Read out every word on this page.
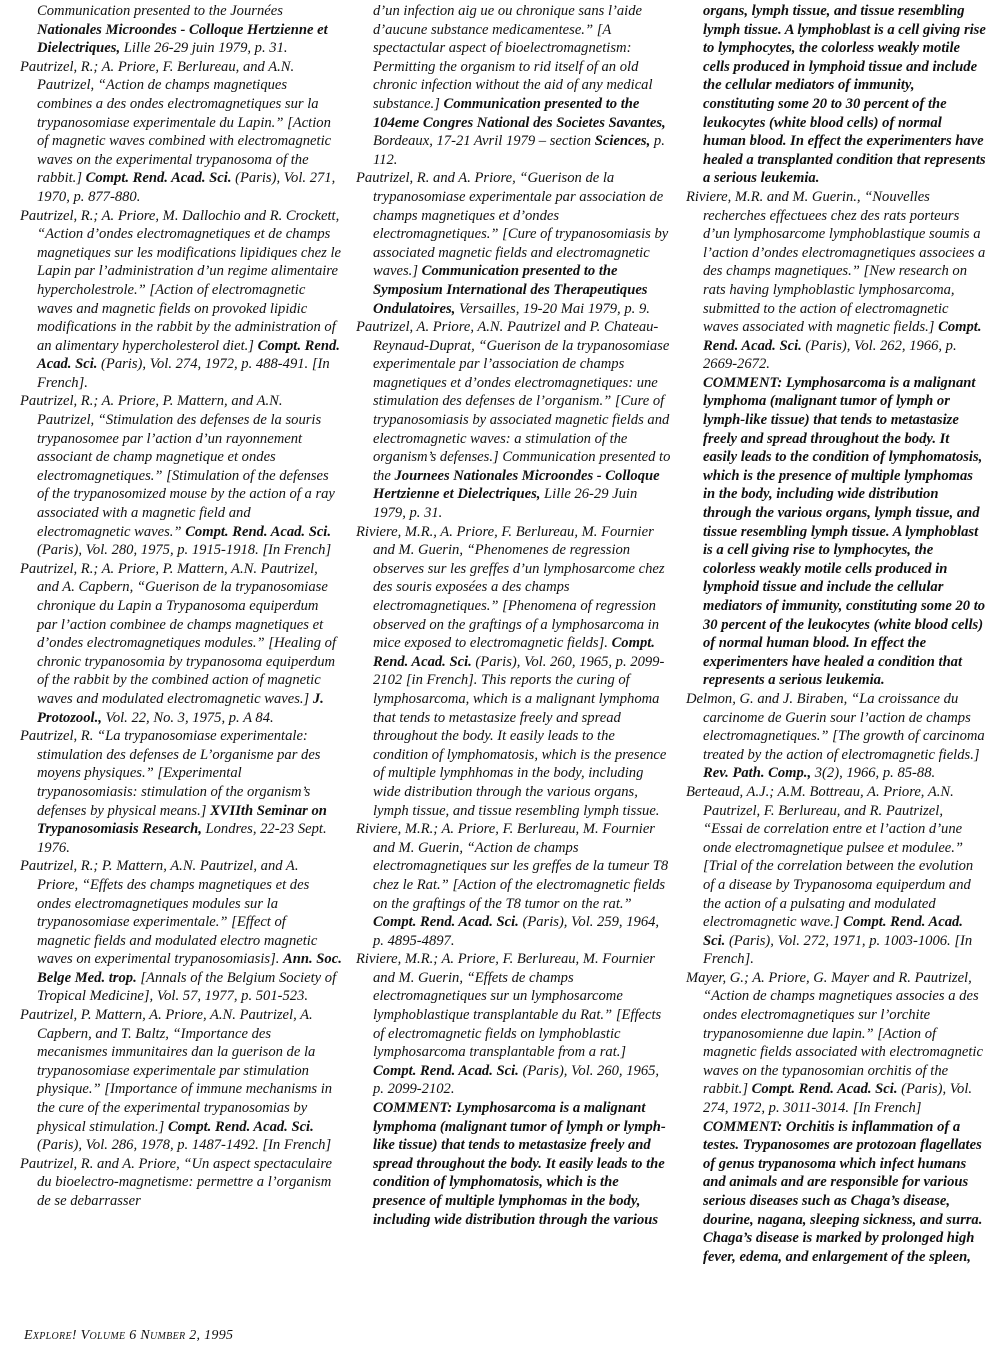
Communication presented to the Journées Nationales Microondes - Colloque Hertzienne et Dielectriques, Lille 26-29 juin 1979, p. 31.

Pautrizel, R.; A. Priore, F. Berlureau, and A.N. Pautrizel, “Action de champs magnetiques combines a des ondes electromagnetiques sur la trypanosomiase experimentale du Lapin.” [Action of magnetic waves combined with electromagnetic waves on the experimental trypanosoma of the rabbit.] Compt. Rend. Acad. Sci. (Paris), Vol. 271, 1970, p. 877-880.

Pautrizel, R.; A. Priore, M. Dallochio and R. Crockett, “Action d’ondes electromagnetiques et de champs magnetiques sur les modifications lipidiques chez le Lapin par l’administration d’un regime alimentaire hypercholestrole.” [Action of electromagnetic waves and magnetic fields on provoked lipidic modifications in the rabbit by the administration of an alimentary hypercholesterol diet.] Compt. Rend. Acad. Sci. (Paris), Vol. 274, 1972, p. 488-491. [In French].

Pautrizel, R.; A. Priore, P. Mattern, and A.N. Pautrizel, “Stimulation des defenses de la souris trypanosomee par l’action d’un rayonnement associant de champ magnetique et ondes electromagnetiques.” [Stimulation of the defenses of the trypanosomized mouse by the action of a ray associated with a magnetic field and electromagnetic waves.” Compt. Rend. Acad. Sci. (Paris), Vol. 280, 1975, p. 1915-1918. [In French]

Pautrizel, R.; A. Priore, P. Mattern, A.N. Pautrizel, and A. Capbern, “Guerison de la trypanosomiase chronique du Lapin a Trypanosoma equiperdum par l’action combinee de champs magnetiques et d’ondes electromagnetiques modules.” [Healing of chronic trypanosomia by trypanosoma equiperdum of the rabbit by the combined action of magnetic waves and modulated electromagnetic waves.] J. Protozool., Vol. 22, No. 3, 1975, p. A 84.

Pautrizel, R. “La trypanosomiase experimentale: stimulation des defenses de L’organisme par des moyens physiques.” [Experimental trypanosomiasis: stimulation of the organism’s defenses by physical means.] XVIIth Seminar on Trypanosomiasis Research, Londres, 22-23 Sept. 1976.

Pautrizel, R.; P. Mattern, A.N. Pautrizel, and A. Priore, “Effets des champs magnetiques et des ondes electromagnetiques modules sur la trypanosomiase experimentale.” [Effect of magnetic fields and modulated electro magnetic waves on experimental trypanosomiasis]. Ann. Soc. Belge Med. trop. [Annals of the Belgium Society of Tropical Medicine], Vol. 57, 1977, p. 501-523.

Pautrizel, P. Mattern, A. Priore, A.N. Pautrizel, A. Capbern, and T. Baltz, “Importance des mecanismes immunitaires dan la guerison de la trypanosomiase experimentale par stimulation physique.” [Importance of immune mechanisms in the cure of the experimental trypanosomias by physical stimulation.] Compt. Rend. Acad. Sci. (Paris), Vol. 286, 1978, p. 1487-1492. [In French]

Pautrizel, R. and A. Priore, “Un aspect spectaculaire du bioelectro-magnetisme: permettre a l’organism de se debarrasser

d’un infection aig ue ou chronique sans l’aide d’aucune substance medicamentese.” [A spectactular aspect of bioelectromagnetism: Permitting the organism to rid itself of an old chronic infection without the aid of any medical substance.] Communication presented to the 104eme Congres National des Societes Savantes, Bordeaux, 17-21 Avril 1979 – section Sciences, p. 112.

Pautrizel, R. and A. Priore, “Guerison de la trypanosomiase experimentale par association de champs magnetiques et d’ondes electromagnetiques.” [Cure of trypanosomiasis by associated magnetic fields and electromagnetic waves.] Communication presented to the Symposium International des Therapeutiques Ondulatoires, Versailles, 19-20 Mai 1979, p. 9.

Pautrizel, A. Priore, A.N. Pautrizel and P. Chateau-Reynaud-Duprat, “Guerison de la trypanosomiase experimentale par l’association de champs magnetiques et d’ondes electromagnetiques: une stimulation des defenses de l’organism.” [Cure of trypanosomiasis by associated magnetic fields and electromagnetic waves: a stimulation of the organism’s defenses.] Communication presented to the Journees Nationales Microondes - Colloque Hertzienne et Dielectriques, Lille 26-29 Juin 1979, p. 31.

Riviere, M.R., A. Priore, F. Berlureau, M. Fournier and M. Guerin, “Phenomenes de regression observes sur les greffes d’un lymphosarcome chez des souris exposées a des champs electromagnetiques.” [Phenomena of regression observed on the graftings of a lymphosarcoma in mice exposed to electromagnetic fields]. Compt. Rend. Acad. Sci. (Paris), Vol. 260, 1965, p. 2099-2102 [in French]. This reports the curing of lymphosarcoma, which is a malignant lymphoma that tends to metastasize freely and spread throughout the body. It easily leads to the condition of lymphomatosis, which is the presence of multiple lymphhomas in the body, including wide distribution through the various organs, lymph tissue, and tissue resembling lymph tissue.

Riviere, M.R.; A. Priore, F. Berlureau, M. Fournier and M. Guerin, “Action de champs electromagnetiques sur les greffes de la tumeur T8 chez le Rat.” [Action of the electromagnetic fields on the graftings of the T8 tumor on the rat.” Compt. Rend. Acad. Sci. (Paris), Vol. 259, 1964, p. 4895-4897.

Riviere, M.R.; A. Priore, F. Berlureau, M. Fournier and M. Guerin, “Effets de champs electromagnetiques sur un lymphosarcome lymphoblastique transplantable du Rat.” [Effects of electromagnetic fields on lymphoblastic lymphosarcoma transplantable from a rat.] Compt. Rend. Acad. Sci. (Paris), Vol. 260, 1965, p. 2099-2102.

COMMENT: Lymphosarcoma is a malignant lymphoma (malignant tumor of lymph or lymph-like tissue) that tends to metastasize freely and spread throughout the body. It easily leads to the condition of lymphomatosis, which is the presence of multiple lymphomas in the body, including wide distribution through the various

organs, lymph tissue, and tissue resembling lymph tissue. A lymphoblast is a cell giving rise to lymphocytes, the colorless weakly motile cells produced in lymphoid tissue and include the cellular mediators of immunity, constituting some 20 to 30 percent of the leukocytes (white blood cells) of normal human blood. In effect the experimenters have healed a transplanted condition that represents a serious leukemia.

Riviere, M.R. and M. Guerin., “Nouvelles recherches effectuees chez des rats porteurs d’un lymphosarcome lymphoblastique soumis a l’action d’ondes electromagnetiques associees a des champs magnetiques.” [New research on rats having lymphoblastic lymphosarcoma, submitted to the action of electromagnetic waves associated with magnetic fields.] Compt. Rend. Acad. Sci. (Paris), Vol. 262, 1966, p. 2669-2672.

COMMENT: Lymphosarcoma is a malignant lymphoma (malignant tumor of lymph or lymph-like tissue) that tends to metastasize freely and spread throughout the body. It easily leads to the condition of lymphomatosis, which is the presence of multiple lymphomas in the body, including wide distribution through the various organs, lymph tissue, and tissue resembling lymph tissue. A lymphoblast is a cell giving rise to lymphocytes, the colorless weakly motile cells produced in lymphoid tissue and include the cellular mediators of immunity, constituting some 20 to 30 percent of the leukocytes (white blood cells) of normal human blood. In effect the experimenters have healed a condition that represents a serious leukemia.

Delmon, G. and J. Biraben, “La croissance du carcinome de Guerin sour l’action de champs electromagnetiques.” [The growth of carcinoma treated by the action of electromagnetic fields.] Rev. Path. Comp., 3(2), 1966, p. 85-88.

Berteaud, A.J.; A.M. Bottreau, A. Priore, A.N. Pautrizel, F. Berlureau, and R. Pautrizel, “Essai de correlation entre et l’action d’une onde electromagnetique pulsee et modulee.” [Trial of the correlation between the evolution of a disease by Trypanosoma equiperdum and the action of a pulsating and modulated electromagnetic wave.] Compt. Rend. Acad. Sci. (Paris), Vol. 272, 1971, p. 1003-1006. [In French].

Mayer, G.; A. Priore, G. Mayer and R. Pautrizel, “Action de champs magnetiques associes a des ondes electromagnetiques sur l’orchite trypanosomienne due lapin.” [Action of magnetic fields associated with electromagnetic waves on the typanosomian orchitis of the rabbit.] Compt. Rend. Acad. Sci. (Paris), Vol. 274, 1972, p. 3011-3014. [In French]

COMMENT: Orchitis is inflammation of a testes. Trypanosomes are protozoan flagellates of genus trypanosoma which infect humans and animals and are responsible for various serious diseases such as Chaga’s disease, dourine, nagana, sleeping sickness, and surra. Chaga’s disease is marked by prolonged high fever, edema, and enlargement of the spleen,

Explore! Volume 6 Number 2, 1995
